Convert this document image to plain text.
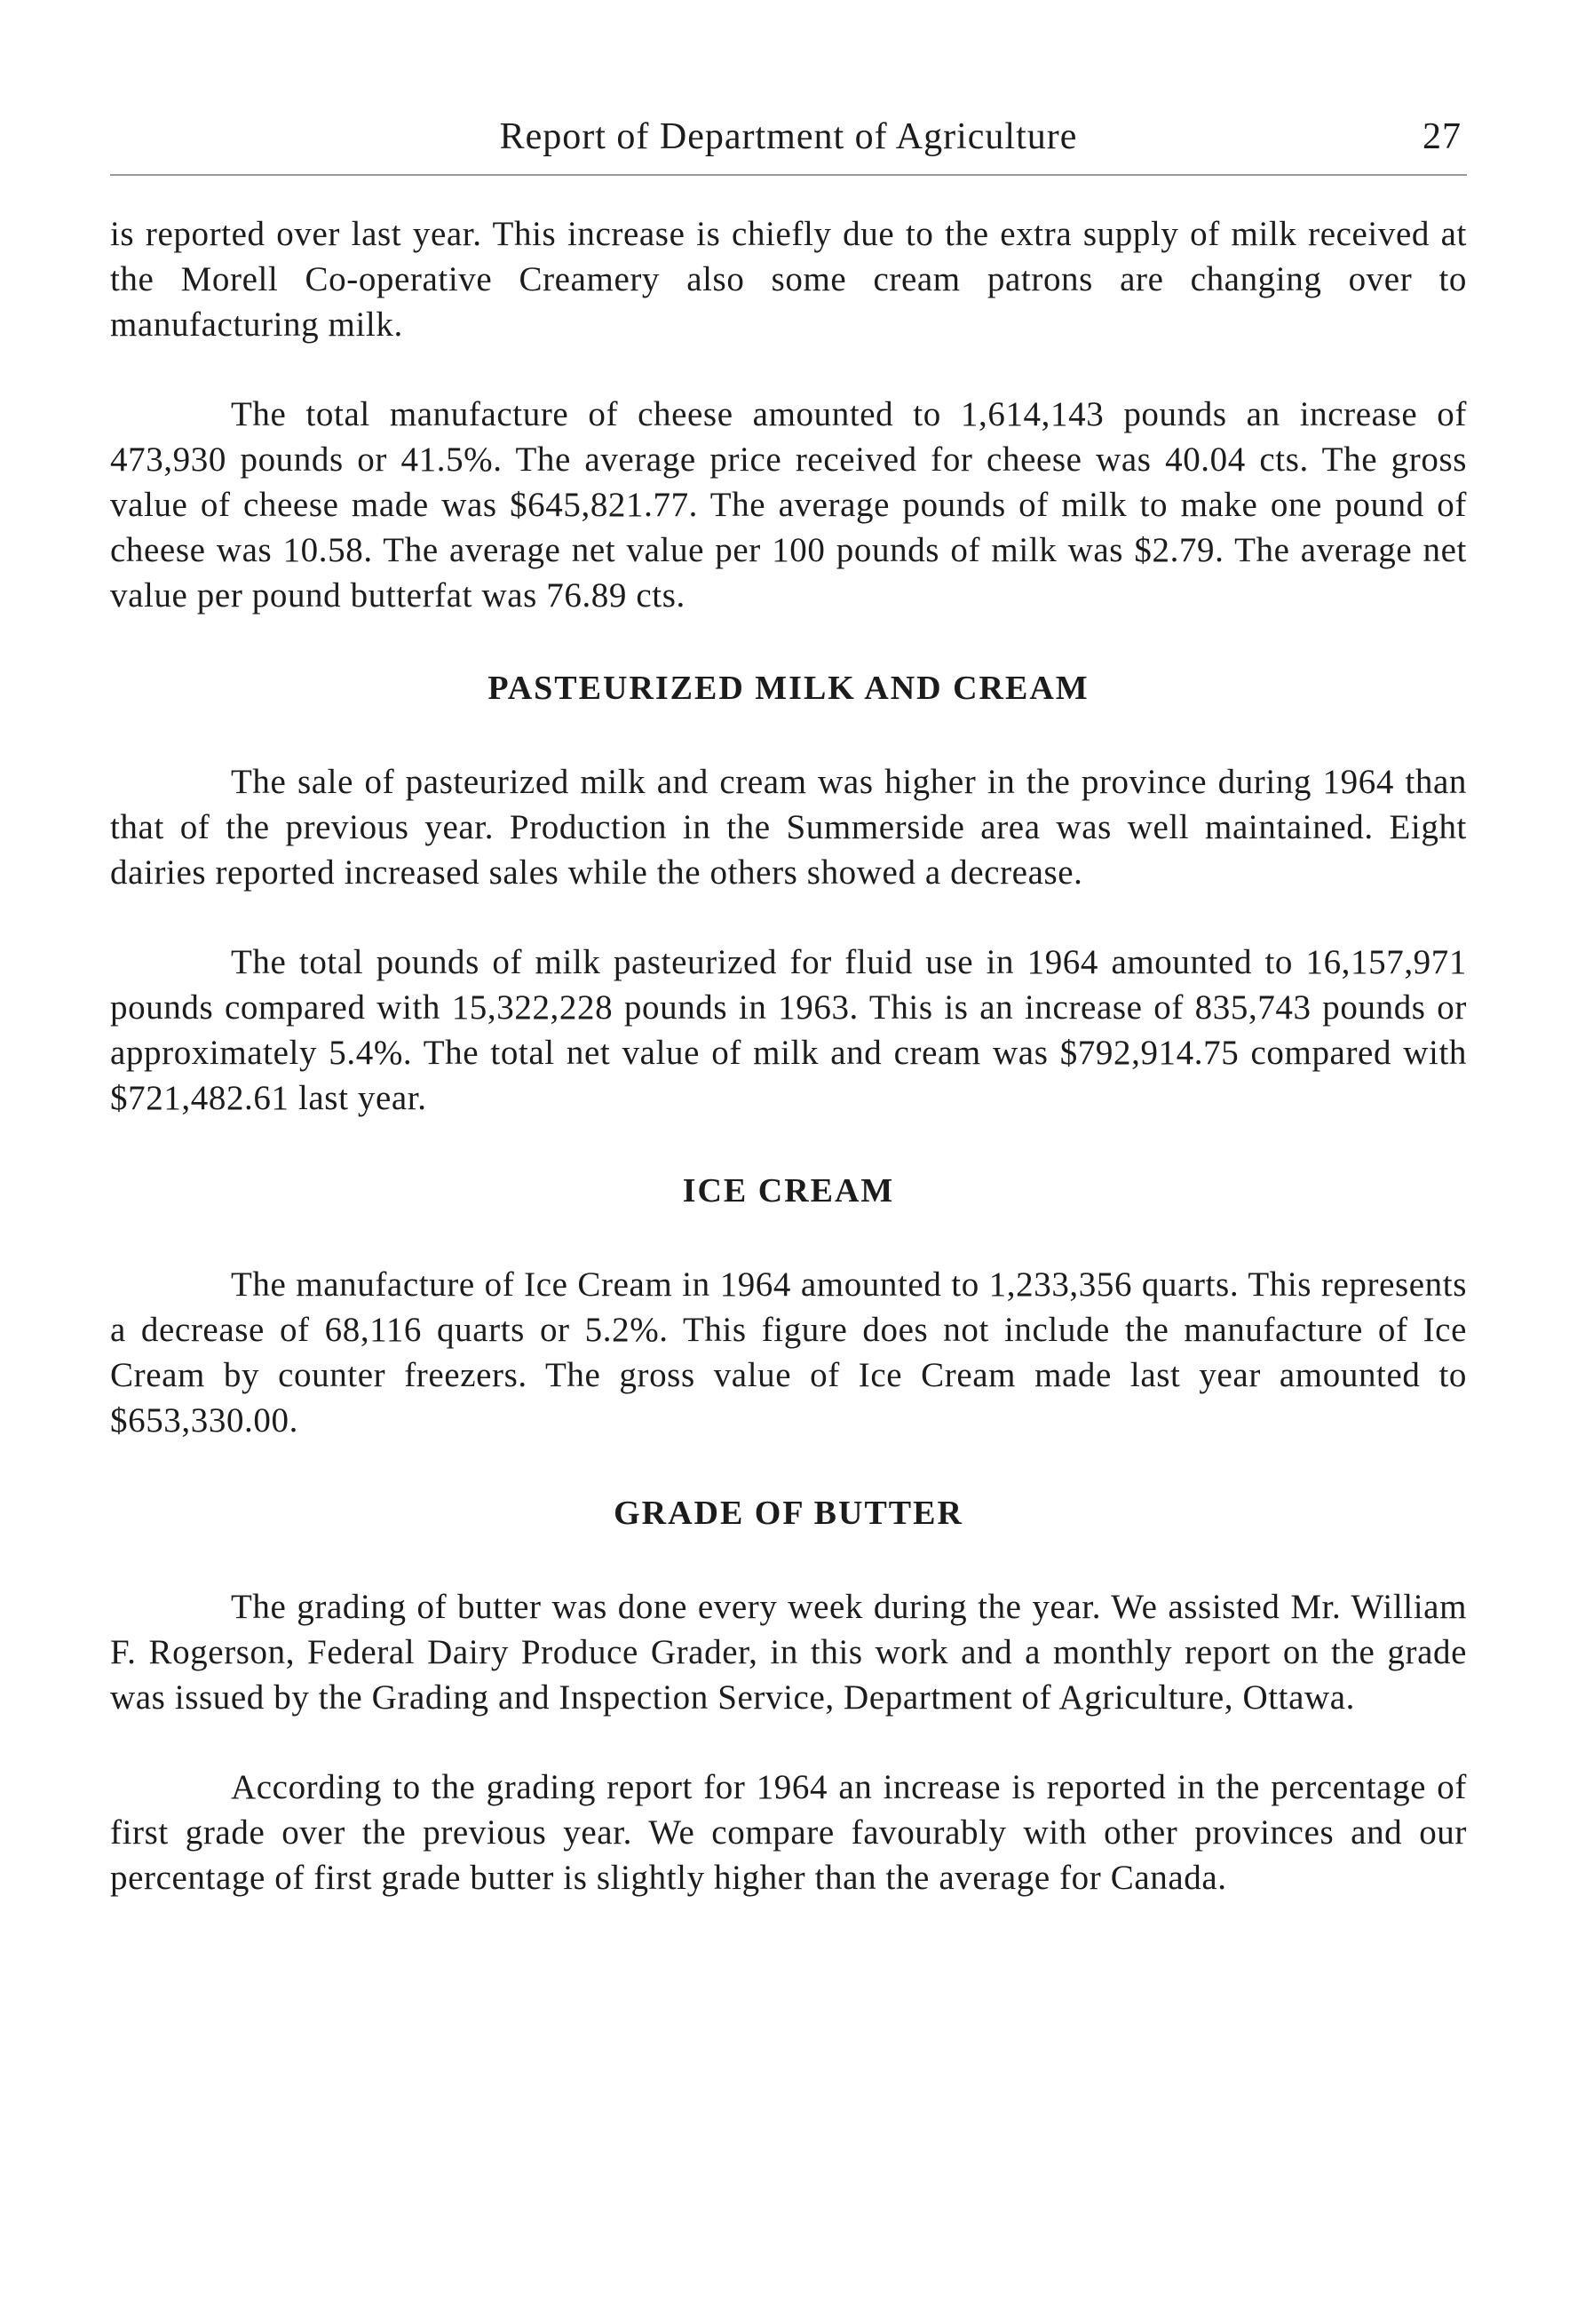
Report of Department of Agriculture	27

is reported over last year. This increase is chiefly due to the extra supply of milk received at the Morell Co-operative Creamery also some cream patrons are changing over to manufacturing milk.

The total manufacture of cheese amounted to 1,614,143 pounds an increase of 473,930 pounds or 41.5%. The average price received for cheese was 40.04 cts. The gross value of cheese made was $645,821.77. The average pounds of milk to make one pound of cheese was 10.58. The average net value per 100 pounds of milk was $2.79. The average net value per pound butterfat was 76.89 cts.

PASTEURIZED MILK AND CREAM

The sale of pasteurized milk and cream was higher in the province during 1964 than that of the previous year. Production in the Summerside area was well maintained. Eight dairies reported increased sales while the others showed a decrease.

The total pounds of milk pasteurized for fluid use in 1964 amounted to 16,157,971 pounds compared with 15,322,228 pounds in 1963. This is an increase of 835,743 pounds or approximately 5.4%. The total net value of milk and cream was $792,914.75 compared with $721,482.61 last year.

ICE CREAM

The manufacture of Ice Cream in 1964 amounted to 1,233,356 quarts. This represents a decrease of 68,116 quarts or 5.2%. This figure does not include the manufacture of Ice Cream by counter freezers. The gross value of Ice Cream made last year amounted to $653,330.00.

GRADE OF BUTTER

The grading of butter was done every week during the year. We assisted Mr. William F. Rogerson, Federal Dairy Produce Grader, in this work and a monthly report on the grade was issued by the Grading and Inspection Service, Department of Agriculture, Ottawa.

According to the grading report for 1964 an increase is reported in the percentage of first grade over the previous year. We compare favourably with other provinces and our percentage of first grade butter is slightly higher than the average for Canada.
